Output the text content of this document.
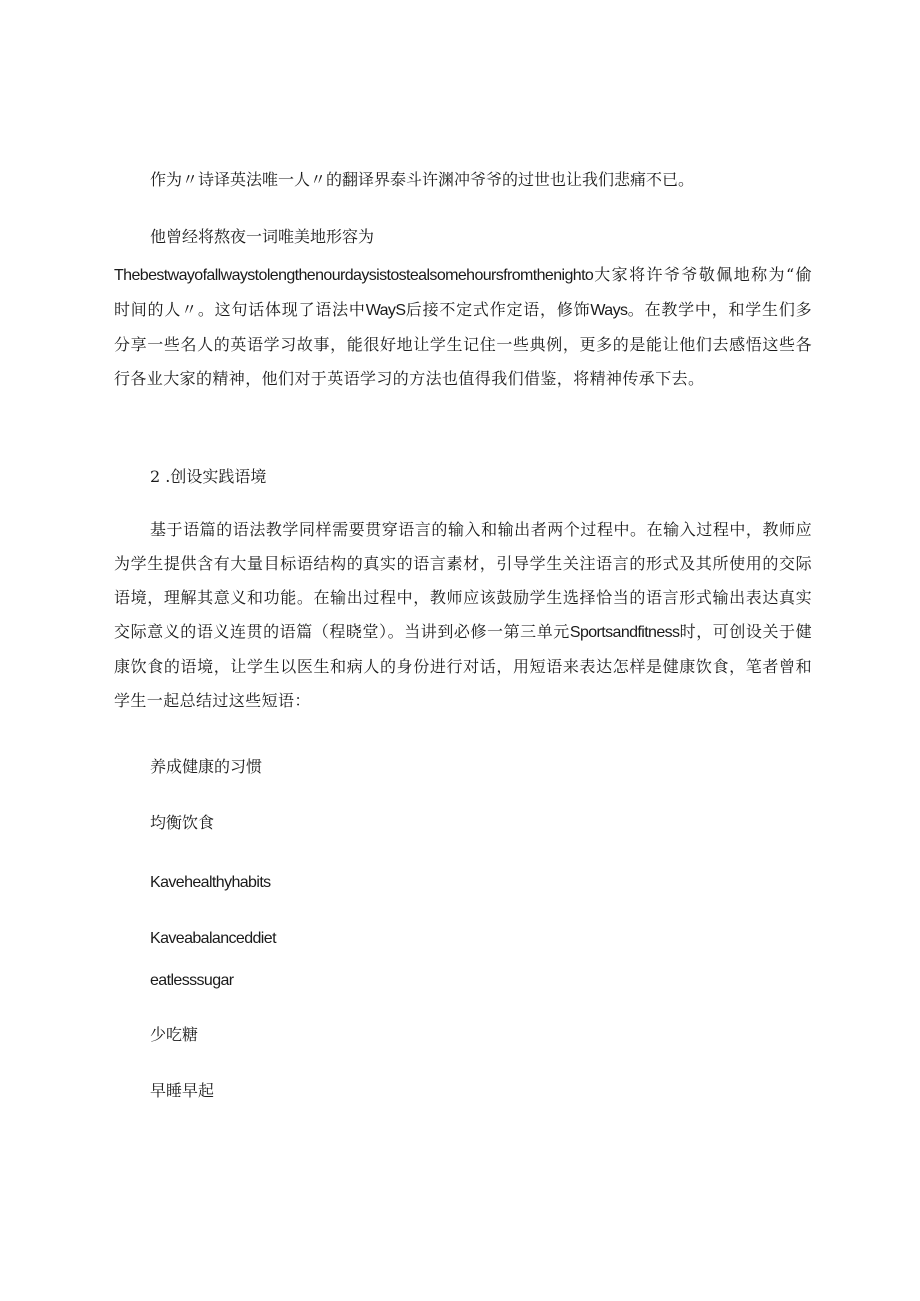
作为〃诗译英法唯一人〃的翻译界泰斗许渊冲爷爷的过世也让我们悲痛不已。
他曾经将熬夜一词唯美地形容为

Thebestwayofallwaystolengthenourdaysistostealsomehoursfromthenighto大家将许爷爷敬佩地称为“偷时间的人〃。这句话体现了语法中WayS后接不定式作定语，修饰Ways。在教学中，和学生们多分享一些名人的英语学习故事，能很好地让学生记住一些典例，更多的是能让他们去感悟这些各行各业大家的精神，他们对于英语学习的方法也值得我们借鉴，将精神传承下去。

2 .创设实践语境

基于语篇的语法教学同样需要贯穿语言的输入和输出者两个过程中。在输入过程中，教师应为学生提供含有大量目标语结构的真实的语言素材，引导学生关注语言的形式及其所使用的交际语境，理解其意义和功能。在输出过程中，教师应该鼓励学生选择恰当的语言形式输出表达真实交际意义的语义连贯的语篇（程晓堂）。当讲到必修一第三单元Sportsandfitness时，可创设关于健康饮食的语境，让学生以医生和病人的身份进行对话，用短语来表达怎样是健康饮食，笔者曾和学生一起总结过这些短语：

养成健康的习惯
均衡饮食
Kavehealthyhabits
Kaveabalanceddiet
eatlesssugar
少吃糖
早睡早起
